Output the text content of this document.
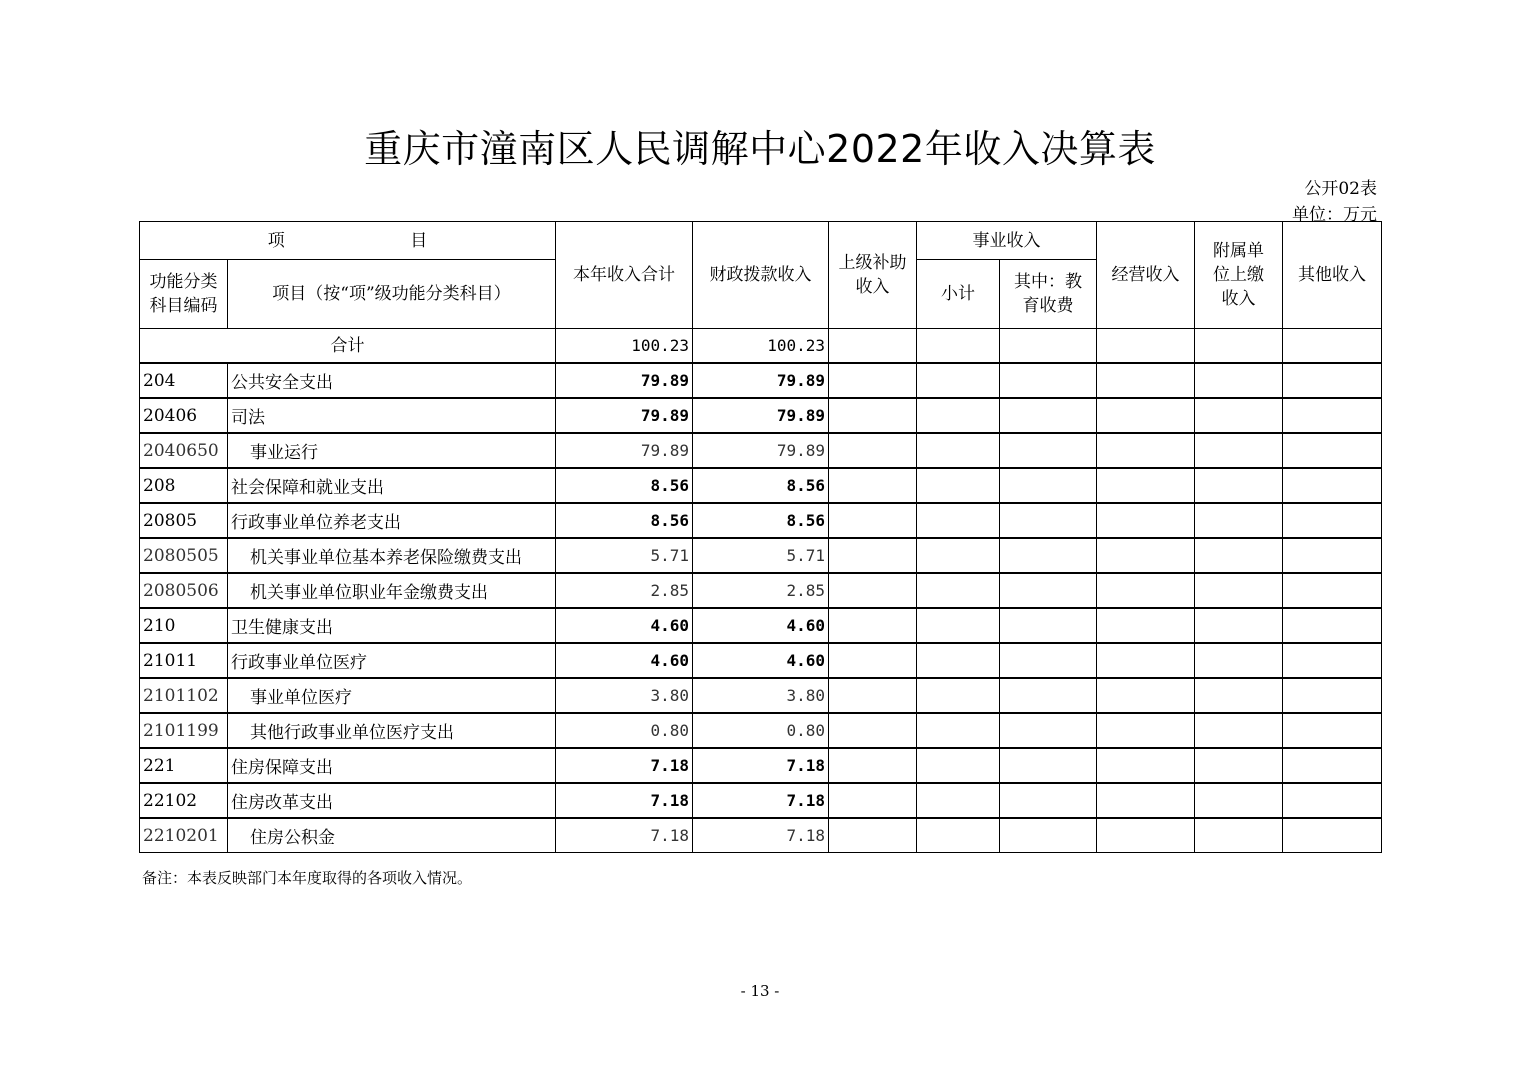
重庆市潼南区人民调解中心2022年收入决算表
公开02表
单位：万元
项 目		本年收入合计	财政拨款收入	上级补助收入	事业收入		经营收入	附属单位上缴收入	其他收入
功能分类科目编码	项目（按“项”级功能分类科目）				小计	其中：教育收费			
合计		100.23	100.23						
204	公共安全支出	79.89	79.89						
20406	司法	79.89	79.89						
2040650	事业运行	79.89	79.89						
208	社会保障和就业支出	8.56	8.56						
20805	行政事业单位养老支出	8.56	8.56						
2080505	机关事业单位基本养老保险缴费支出	5.71	5.71						
2080506	机关事业单位职业年金缴费支出	2.85	2.85						
210	卫生健康支出	4.60	4.60						
21011	行政事业单位医疗	4.60	4.60						
2101102	事业单位医疗	3.80	3.80						
2101199	其他行政事业单位医疗支出	0.80	0.80						
221	住房保障支出	7.18	7.18						
22102	住房改革支出	7.18	7.18						
2210201	住房公积金	7.18	7.18						
备注：本表反映部门本年度取得的各项收入情况。
- 13 -
